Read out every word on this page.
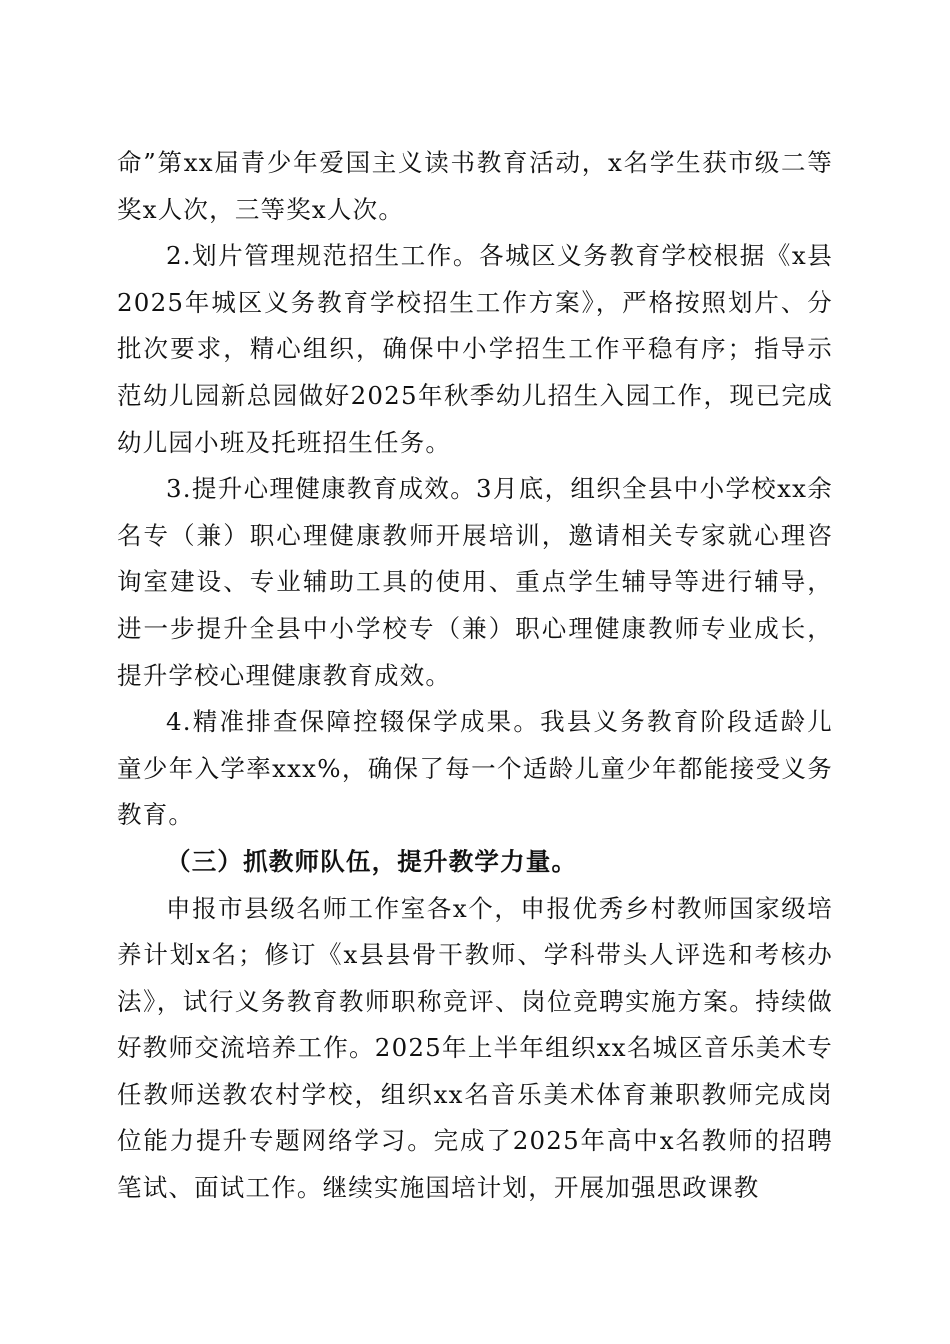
命”第xx届青少年爱国主义读书教育活动，x名学生获市级二等奖x人次，三等奖x人次。

2.划片管理规范招生工作。各城区义务教育学校根据《x县2025年城区义务教育学校招生工作方案》，严格按照划片、分批次要求，精心组织，确保中小学招生工作平稳有序；指导示范幼儿园新总园做好2025年秋季幼儿招生入园工作，现已完成幼儿园小班及托班招生任务。

3.提升心理健康教育成效。3月底，组织全县中小学校xx余名专（兼）职心理健康教师开展培训，邀请相关专家就心理咨询室建设、专业辅助工具的使用、重点学生辅导等进行辅导，进一步提升全县中小学校专（兼）职心理健康教师专业成长，提升学校心理健康教育成效。

4.精准排查保障控辍保学成果。我县义务教育阶段适龄儿童少年入学率xxx%，确保了每一个适龄儿童少年都能接受义务教育。

（三）抓教师队伍，提升教学力量。

申报市县级名师工作室各x个，申报优秀乡村教师国家级培养计划x名；修订《x县县骨干教师、学科带头人评选和考核办法》，试行义务教育教师职称竞评、岗位竞聘实施方案。持续做好教师交流培养工作。2025年上半年组织xx名城区音乐美术专任教师送教农村学校，组织xx名音乐美术体育兼职教师完成岗位能力提升专题网络学习。完成了2025年高中x名教师的招聘笔试、面试工作。继续实施国培计划，开展加强思政课教
